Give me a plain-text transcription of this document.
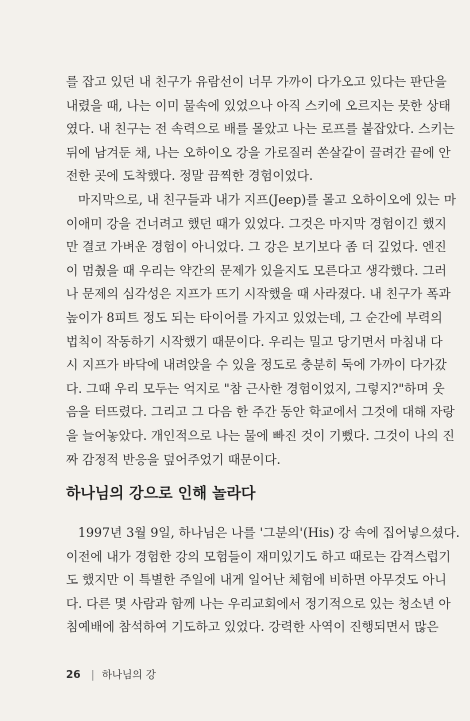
를 잡고 있던 내 친구가 유람선이 너무 가까이 다가오고 있다는 판단을
내렸을 때, 나는 이미 물속에 있었으나 아직 스키에 오르지는 못한 상태
였다. 내 친구는 전 속력으로 배를 몰았고 나는 로프를 붙잡았다. 스키는
뒤에 남겨둔 채, 나는 오하이오 강을 가로질러 쏜살같이 끌려간 끝에 안
전한 곳에 도착했다. 정말 끔찍한 경험이었다.
마지막으로, 내 친구들과 내가 지프(Jeep)를 몰고 오하이오에 있는 마
이애미 강을 건너려고 했던 때가 있었다. 그것은 마지막 경험이긴 했지
만 결코 가벼운 경험이 아니었다. 그 강은 보기보다 좀 더 깊었다. 엔진
이 멈췄을 때 우리는 약간의 문제가 있을지도 모른다고 생각했다. 그러
나 문제의 심각성은 지프가 뜨기 시작했을 때 사라졌다. 내 친구가 폭과
높이가 8피트 정도 되는 타이어를 가지고 있었는데, 그 순간에 부력의
법칙이 작동하기 시작했기 때문이다. 우리는 밀고 당기면서 마침내 다
시 지프가 바닥에 내려앉을 수 있을 정도로 충분히 둑에 가까이 다가갔
다. 그때 우리 모두는 억지로 "참 근사한 경험이었지, 그렇지?"하며 웃
음을 터뜨렸다. 그리고 그 다음 한 주간 동안 학교에서 그것에 대해 자랑
을 늘어놓았다. 개인적으로 나는 물에 빠진 것이 기뻤다. 그것이 나의 진
짜 감정적 반응을 덮어주었기 때문이다.
하나님의 강으로 인해 놀라다
1997년 3월 9일, 하나님은 나를 '그분의'(His) 강 속에 집어넣으셨다.
이전에 내가 경험한 강의 모험들이 재미있기도 하고 때로는 감격스럽기
도 했지만 이 특별한 주일에 내게 일어난 체험에 비하면 아무것도 아니
다. 다른 몇 사람과 함께 나는 우리교회에서 정기적으로 있는 청소년 아
침예배에 참석하여 기도하고 있었다. 강력한 사역이 진행되면서 많은
26 | 하나님의 강
